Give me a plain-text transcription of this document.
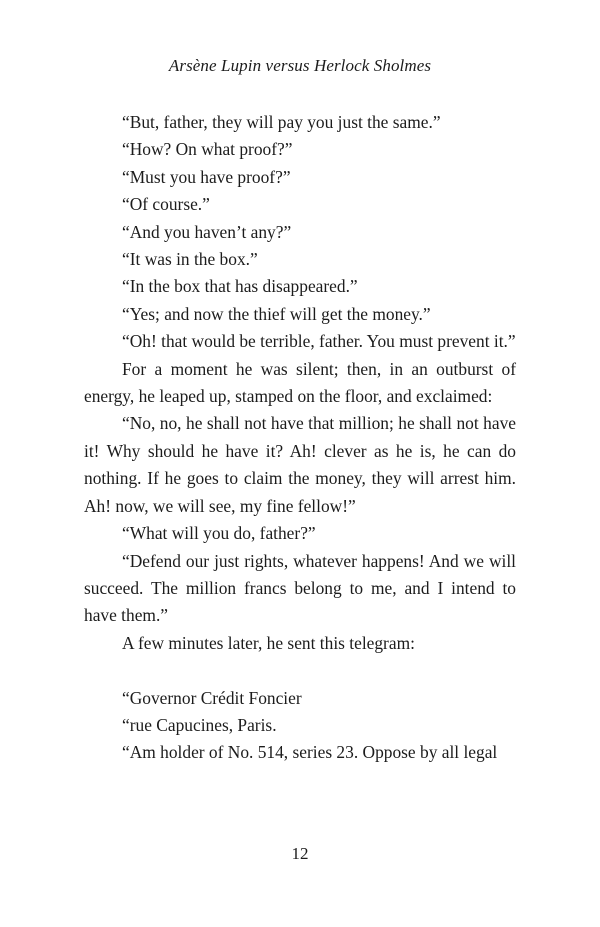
Arsène Lupin versus Herlock Sholmes

“But, father, they will pay you just the same.”

“How? On what proof?”

“Must you have proof?”

“Of course.”

“And you haven’t any?”

“It was in the box.”

“In the box that has disappeared.”

“Yes; and now the thief will get the money.”

“Oh! that would be terrible, father. You must prevent it.”

For a moment he was silent; then, in an outburst of energy, he leaped up, stamped on the floor, and exclaimed:

“No, no, he shall not have that million; he shall not have it! Why should he have it? Ah! clever as he is, he can do nothing. If he goes to claim the money, they will arrest him. Ah! now, we will see, my fine fellow!”

“What will you do, father?”

“Defend our just rights, whatever happens! And we will succeed. The million francs belong to me, and I intend to have them.”

A few minutes later, he sent this telegram:

“Governor Crédit Foncier

“rue Capucines, Paris.

“Am holder of No. 514, series 23. Oppose by all legal

12
